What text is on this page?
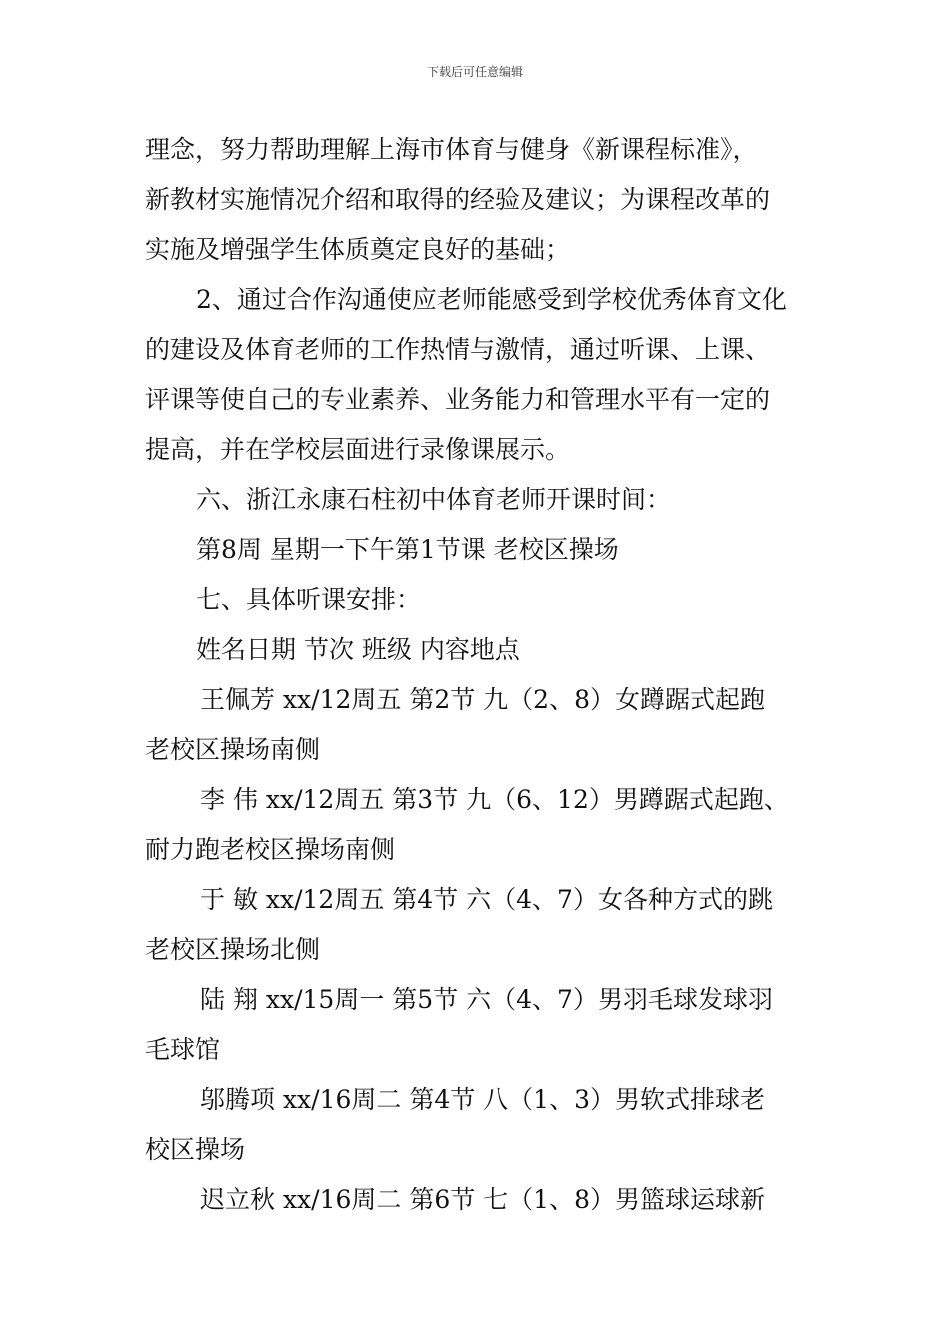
下载后可任意编辑
理念，努力帮助理解上海市体育与健身《新课程标准》，
新教材实施情况介绍和取得的经验及建议；为课程改革的
实施及增强学生体质奠定良好的基础；
2、通过合作沟通使应老师能感受到学校优秀体育文化
的建设及体育老师的工作热情与激情，通过听课、上课、
评课等使自己的专业素养、业务能力和管理水平有一定的
提高，并在学校层面进行录像课展示。
六、浙江永康石柱初中体育老师开课时间：
第8周 星期一下午第1节课 老校区操场
七、具体听课安排：
姓名日期 节次 班级 内容地点
王佩芳 xx/12周五 第2节 九（2、8）女蹲踞式起跑
老校区操场南侧
李 伟 xx/12周五 第3节 九（6、12）男蹲踞式起跑、
耐力跑老校区操场南侧
于 敏 xx/12周五 第4节 六（4、7）女各种方式的跳
老校区操场北侧
陆 翔 xx/15周一 第5节 六（4、7）男羽毛球发球羽
毛球馆
邬腾项 xx/16周二 第4节 八（1、3）男软式排球老
校区操场
迟立秋 xx/16周二 第6节 七（1、8）男篮球运球新
